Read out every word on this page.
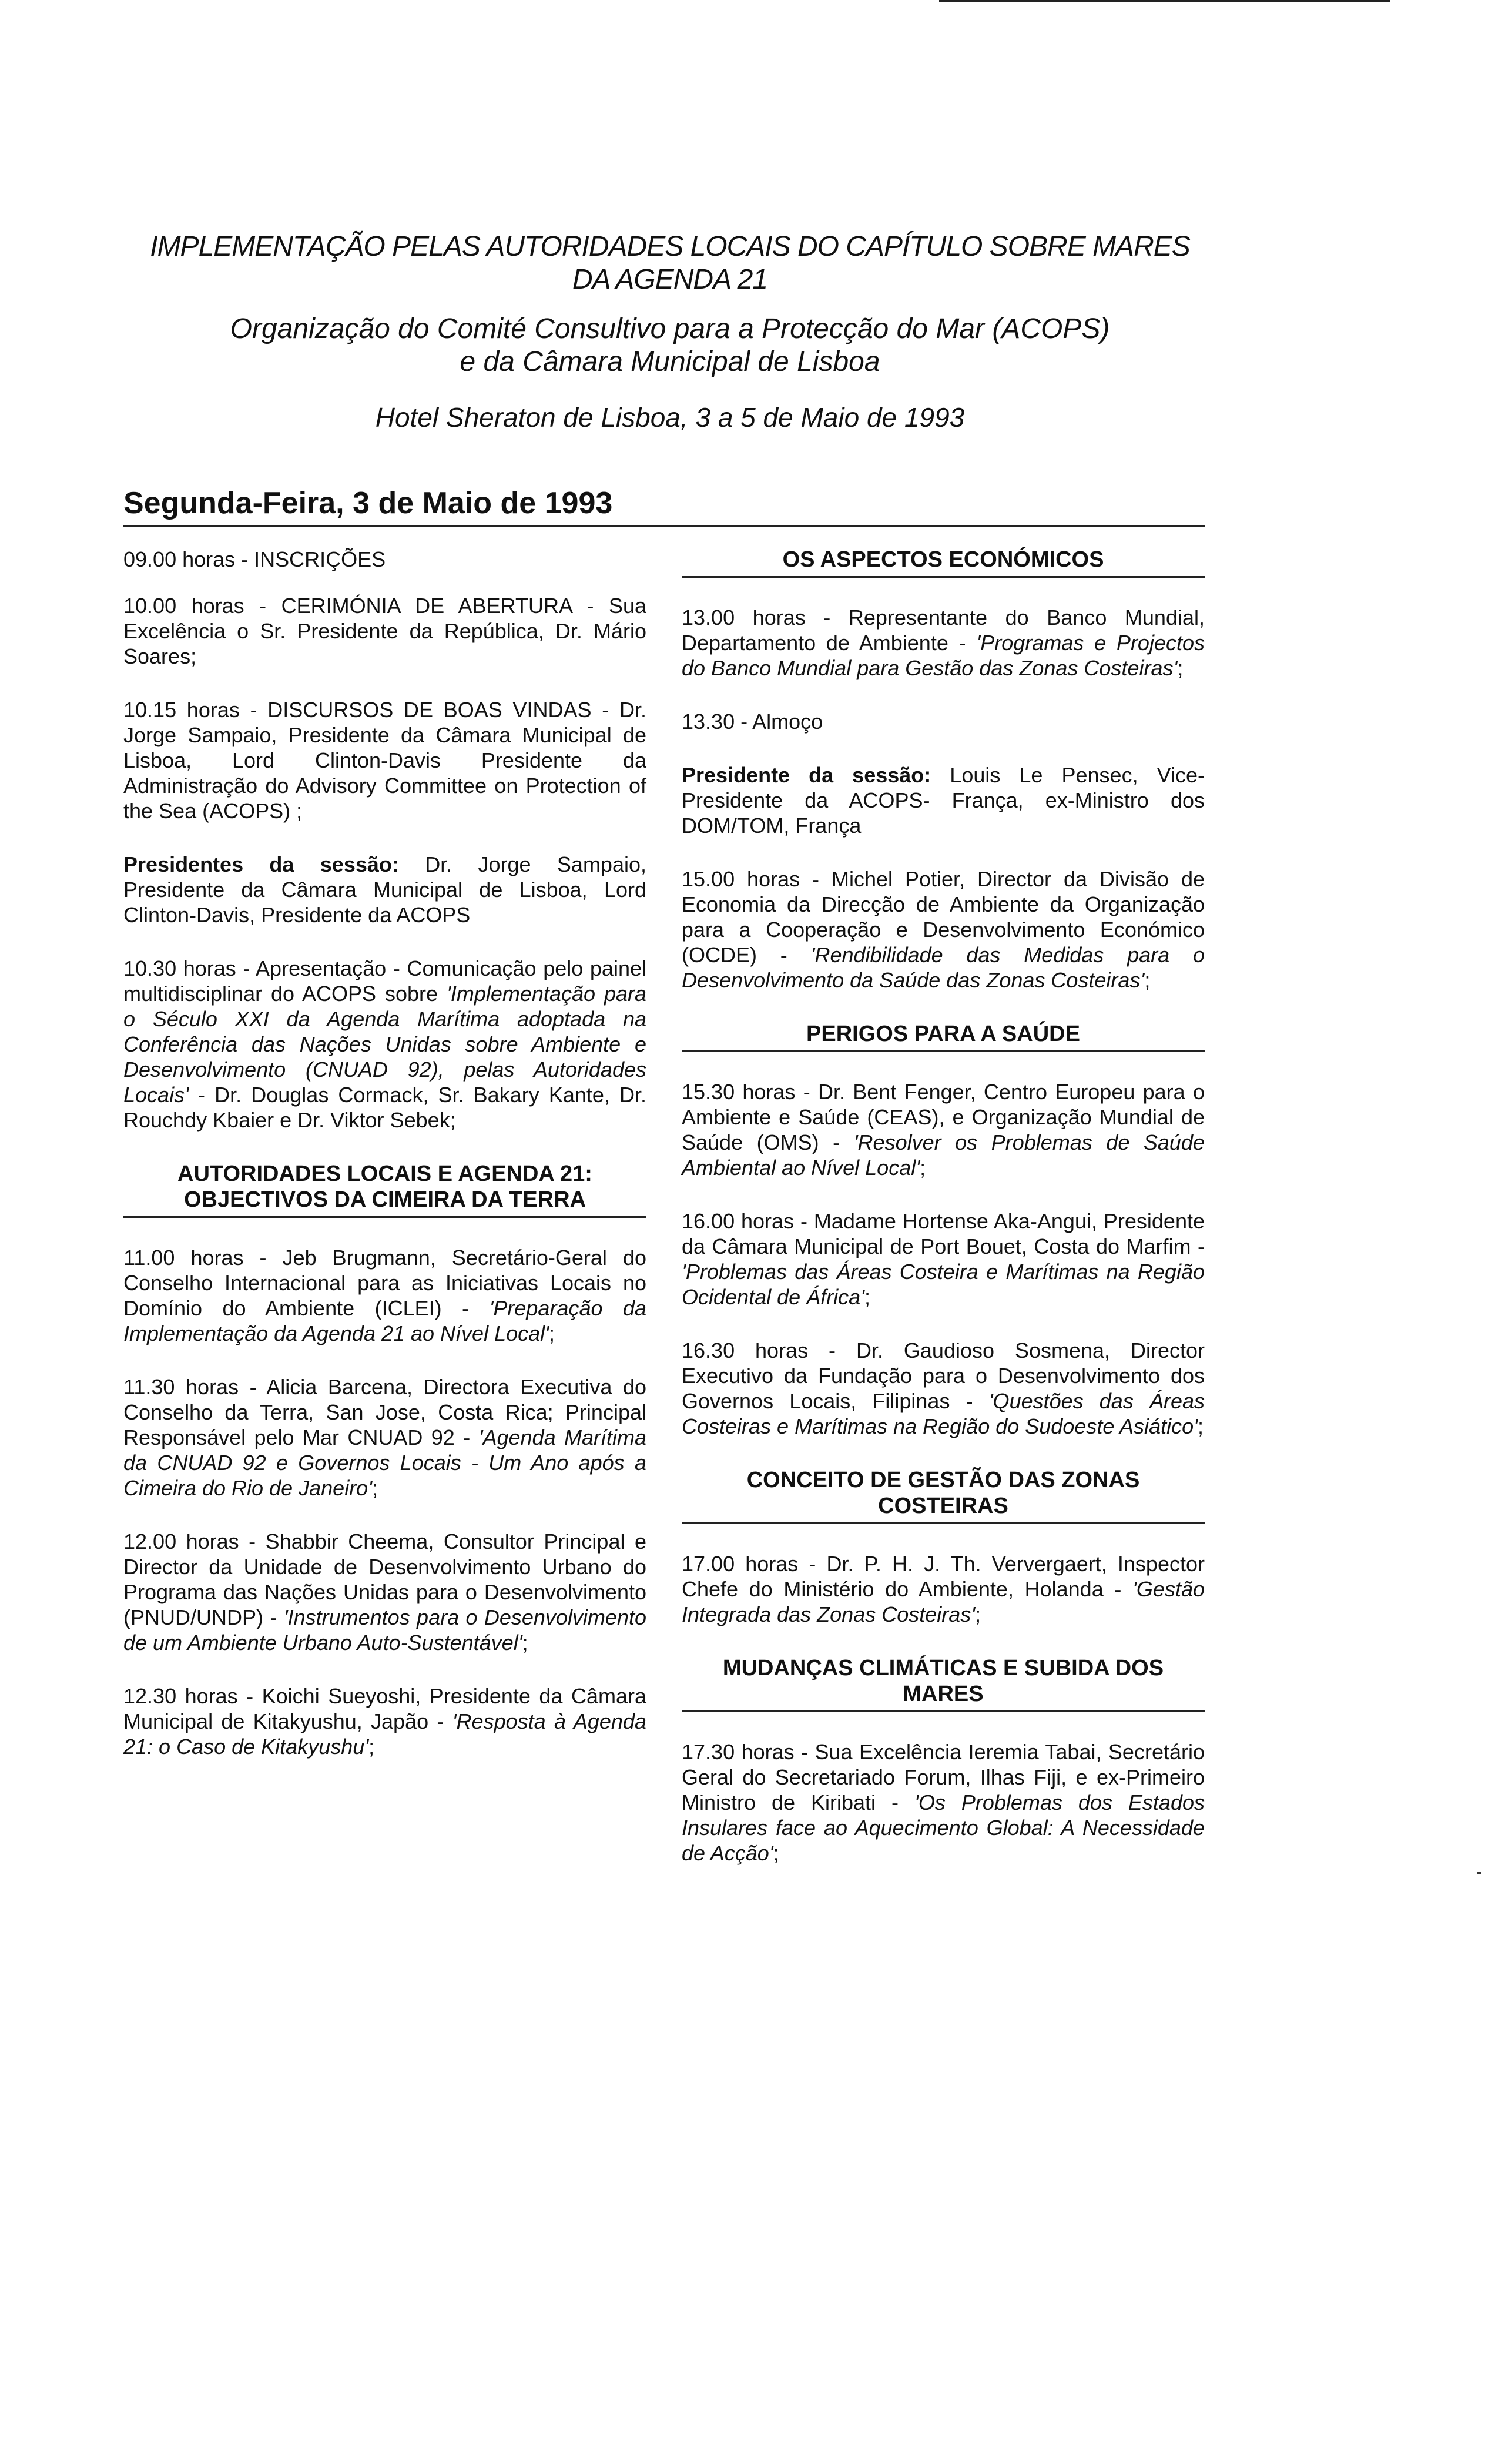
IMPLEMENTAÇÃO PELAS AUTORIDADES LOCAIS DO CAPÍTULO SOBRE MARES
DA AGENDA 21
Organização do Comité Consultivo para a Protecção do Mar (ACOPS)
e da Câmara Municipal de Lisboa
Hotel Sheraton de Lisboa, 3 a 5 de Maio de 1993
Segunda-Feira, 3 de Maio de 1993
09.00 horas - INSCRIÇÕES
10.00 horas - CERIMÓNIA DE ABERTURA - Sua Excelência o Sr. Presidente da República, Dr. Mário Soares;
10.15 horas - DISCURSOS DE BOAS VINDAS - Dr. Jorge Sampaio, Presidente da Câmara Municipal de Lisboa, Lord Clinton-Davis Presidente da Administração do Advisory Committee on Protection of the Sea (ACOPS) ;
Presidentes da sessão: Dr. Jorge Sampaio, Presidente da Câmara Municipal de Lisboa, Lord Clinton-Davis, Presidente da ACOPS
10.30 horas - Apresentação - Comunicação pelo painel multidisciplinar do ACOPS sobre 'Implementação para o Século XXI da Agenda Marítima adoptada na Conferência das Nações Unidas sobre Ambiente e Desenvolvimento (CNUAD 92), pelas Autoridades Locais' - Dr. Douglas Cormack, Sr. Bakary Kante, Dr. Rouchdy Kbaier e Dr. Viktor Sebek;
AUTORIDADES LOCAIS E AGENDA 21:
OBJECTIVOS DA CIMEIRA DA TERRA
11.00 horas - Jeb Brugmann, Secretário-Geral do Conselho Internacional para as Iniciativas Locais no Domínio do Ambiente (ICLEI) - 'Preparação da Implementação da Agenda 21 ao Nível Local';
11.30 horas - Alicia Barcena, Directora Executiva do Conselho da Terra, San Jose, Costa Rica; Principal Responsável pelo Mar CNUAD 92 - 'Agenda Marítima da CNUAD 92 e Governos Locais - Um Ano após a Cimeira do Rio de Janeiro';
12.00 horas - Shabbir Cheema, Consultor Principal e Director da Unidade de Desenvolvimento Urbano do Programa das Nações Unidas para o Desenvolvimento (PNUD/UNDP) - 'Instrumentos para o Desenvolvimento de um Ambiente Urbano Auto-Sustentável';
12.30 horas - Koichi Sueyoshi, Presidente da Câmara Municipal de Kitakyushu, Japão - 'Resposta à Agenda 21: o Caso de Kitakyushu';
OS ASPECTOS ECONÓMICOS
13.00 horas - Representante do Banco Mundial, Departamento de Ambiente - 'Programas e Projectos do Banco Mundial para Gestão das Zonas Costeiras';
13.30 - Almoço
Presidente da sessão: Louis Le Pensec, Vice-Presidente da ACOPS- França, ex-Ministro dos DOM/TOM, França
15.00 horas - Michel Potier, Director da Divisão de Economia da Direcção de Ambiente da Organização para a Cooperação e Desenvolvimento Económico (OCDE) - 'Rendibilidade das Medidas para o Desenvolvimento da Saúde das Zonas Costeiras';
PERIGOS PARA A SAÚDE
15.30 horas - Dr. Bent Fenger, Centro Europeu para o Ambiente e Saúde (CEAS), e Organização Mundial de Saúde (OMS) - 'Resolver os Problemas de Saúde Ambiental ao Nível Local';
16.00 horas - Madame Hortense Aka-Angui, Presidente da Câmara Municipal de Port Bouet, Costa do Marfim - 'Problemas das Áreas Costeira e Marítimas na Região Ocidental de África';
16.30 horas - Dr. Gaudioso Sosmena, Director Executivo da Fundação para o Desenvolvimento dos Governos Locais, Filipinas - 'Questões das Áreas Costeiras e Marítimas na Região do Sudoeste Asiático';
CONCEITO DE GESTÃO DAS ZONAS COSTEIRAS
17.00 horas - Dr. P. H. J. Th. Ververgaert, Inspector Chefe do Ministério do Ambiente, Holanda - 'Gestão Integrada das Zonas Costeiras';
MUDANÇAS CLIMÁTICAS E SUBIDA DOS MARES
17.30 horas - Sua Excelência Ieremia Tabai, Secretário Geral do Secretariado Forum, Ilhas Fiji, e ex-Primeiro Ministro de Kiribati - 'Os Problemas dos Estados Insulares face ao Aquecimento Global: A Necessidade de Acção';
